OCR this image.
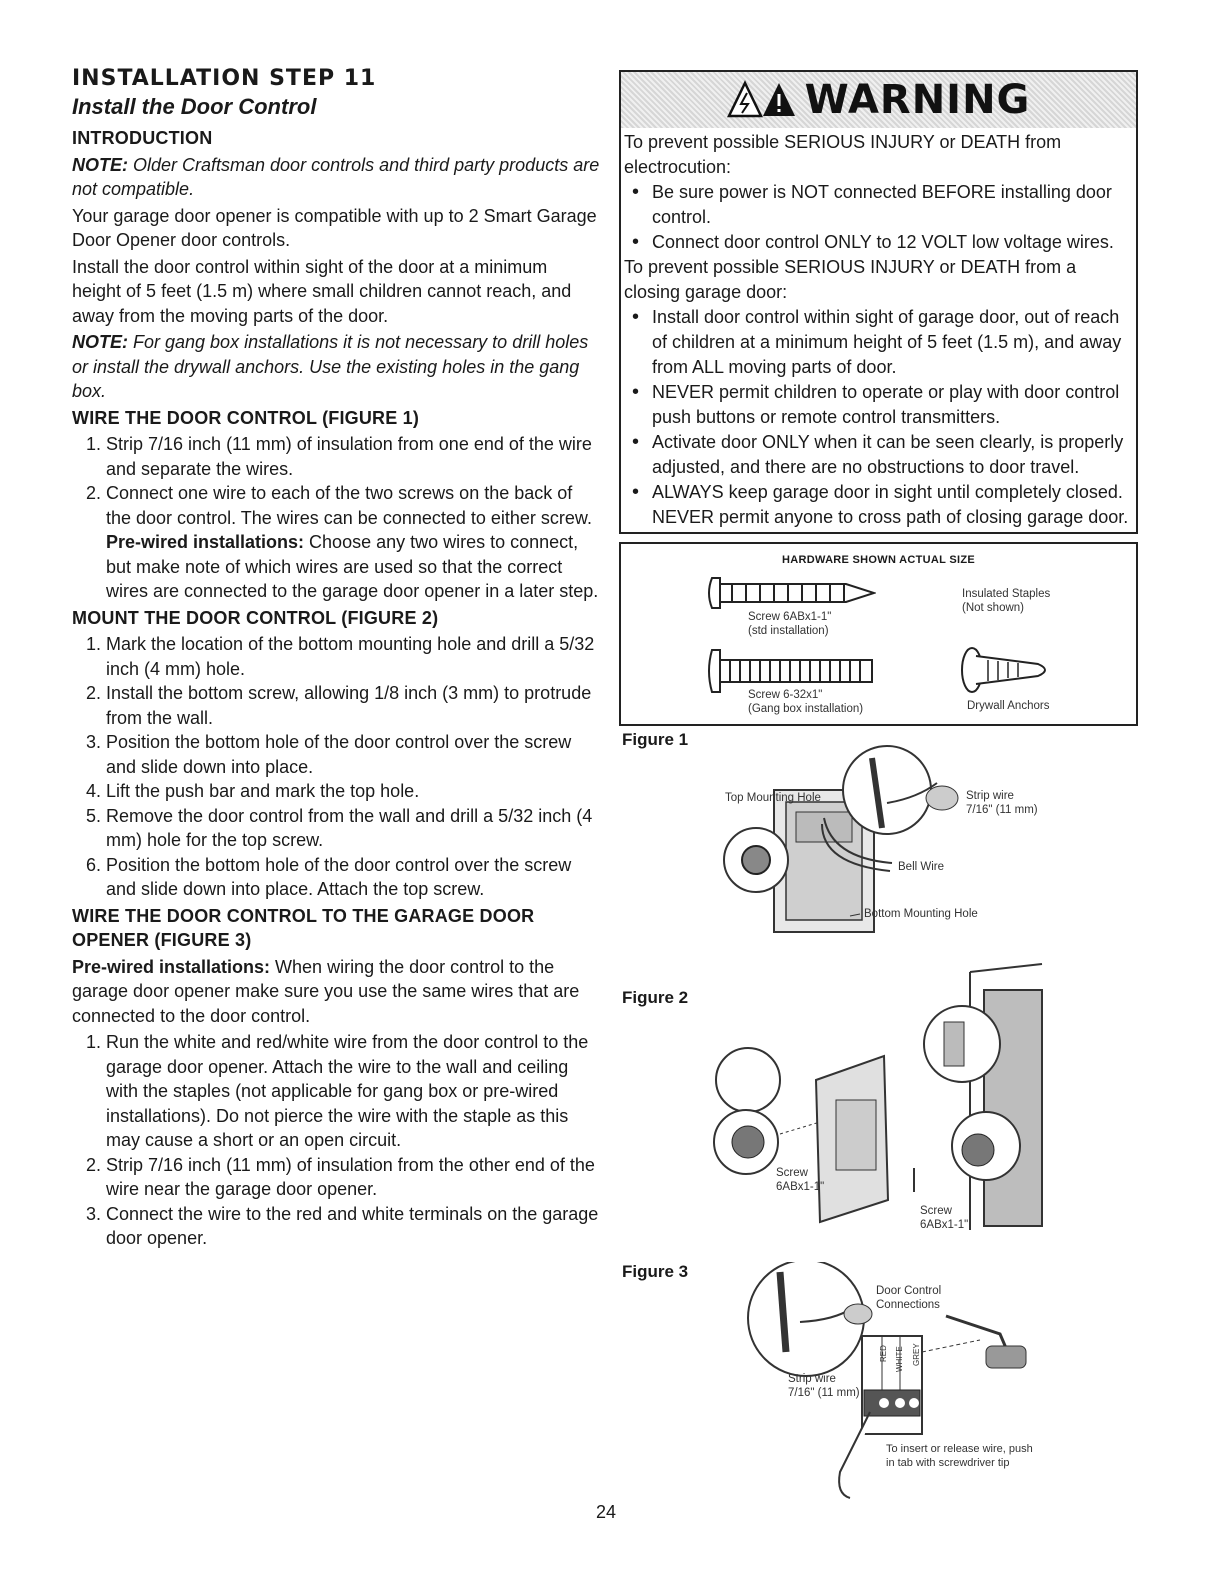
INSTALLATION STEP 11
Install the Door Control
INTRODUCTION

NOTE: Older Craftsman door controls and third party products are not compatible.

Your garage door opener is compatible with up to 2 Smart Garage Door Opener door controls.

Install the door control within sight of the door at a minimum height of 5 feet (1.5 m) where small children cannot reach, and away from the moving parts of the door.

NOTE: For gang box installations it is not necessary to drill holes or install the drywall anchors. Use the existing holes in the gang box.

WIRE THE DOOR CONTROL (FIGURE 1)
1. Strip 7/16 inch (11 mm) of insulation from one end of the wire and separate the wires.
2. Connect one wire to each of the two screws on the back of the door control. The wires can be connected to either screw.
Pre-wired installations: Choose any two wires to connect, but make note of which wires are used so that the correct wires are connected to the garage door opener in a later step.
MOUNT THE DOOR CONTROL (FIGURE 2)
1. Mark the location of the bottom mounting hole and drill a 5/32 inch (4 mm) hole.
2. Install the bottom screw, allowing 1/8 inch (3 mm) to protrude from the wall.
3. Position the bottom hole of the door control over the screw and slide down into place.
4. Lift the push bar and mark the top hole.
5. Remove the door control from the wall and drill a 5/32 inch (4 mm) hole for the top screw.
6. Position the bottom hole of the door control over the screw and slide down into place. Attach the top screw.
WIRE THE DOOR CONTROL TO THE GARAGE DOOR OPENER (FIGURE 3)

Pre-wired installations: When wiring the door control to the garage door opener make sure you use the same wires that are connected to the door control.

1. Run the white and red/white wire from the door control to the garage door opener. Attach the wire to the wall and ceiling with the staples (not applicable for gang box or pre-wired installations). Do not pierce the wire with the staple as this may cause a short or an open circuit.
2. Strip 7/16 inch (11 mm) of insulation from the other end of the wire near the garage door opener.
3. Connect the wire to the red and white terminals on the garage door opener.
WARNING

To prevent possible SERIOUS INJURY or DEATH from electrocution:

• Be sure power is NOT connected BEFORE installing door control.
• Connect door control ONLY to 12 VOLT low voltage wires.

To prevent possible SERIOUS INJURY or DEATH from a closing garage door:

• Install door control within sight of garage door, out of reach of children at a minimum height of 5 feet (1.5 m), and away from ALL moving parts of door.
• NEVER permit children to operate or play with door control push buttons or remote control transmitters.
• Activate door ONLY when it can be seen clearly, is properly adjusted, and there are no obstructions to door travel.
• ALWAYS keep garage door in sight until completely closed. NEVER permit anyone to cross path of closing garage door.
HARDWARE SHOWN ACTUAL SIZE
Screw 6ABx1-1"
(std installation)
Screw 6-32x1"
(Gang box installation)
Insulated Staples
(Not shown)
Drywall Anchors
Figure 1
Top Mounting Hole	Strip wire
7/16" (11 mm)
Bell Wire
Bottom Mounting Hole
Figure 2
Screw
6ABx1-1"
Screw
6ABx1-1"
Figure 3
Door Control
Connections
RED WHITE	GREY
Strip wire
7/16" (11 mm)
To insert or release wire, push
in tab with screwdriver tip
24
